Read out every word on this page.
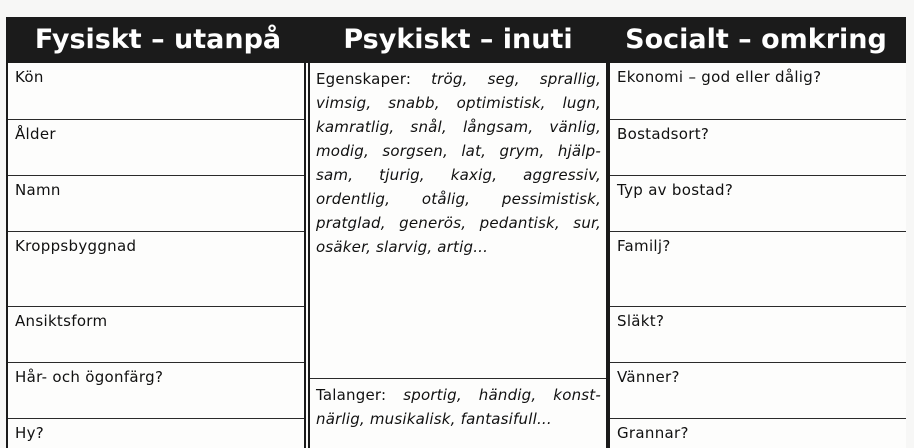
Fysiskt – utanpå	Psykiskt – inuti	Socialt – omkring
Kön
Ålder
Namn
Kroppsbyggnad
Ansiktsform
Hår- och ögonfärg?
Hy?
Egenskaper: trög, seg, sprallig, vimsig, snabb, optimistisk, lugn, kamratlig, snål, långsam, vänlig, modig, sorgsen, lat, grym, hjälp-sam, tjurig, kaxig, aggressiv, ordentlig, otålig, pessimistisk, pratglad, generös, pedantisk, sur, osäker, slarvig, artig...
Talanger: sportig, händig, konst-närlig, musikalisk, fantasifull...
Ekonomi – god eller dålig?
Bostadsort?
Typ av bostad?
Familj?
Släkt?
Vänner?
Grannar?
